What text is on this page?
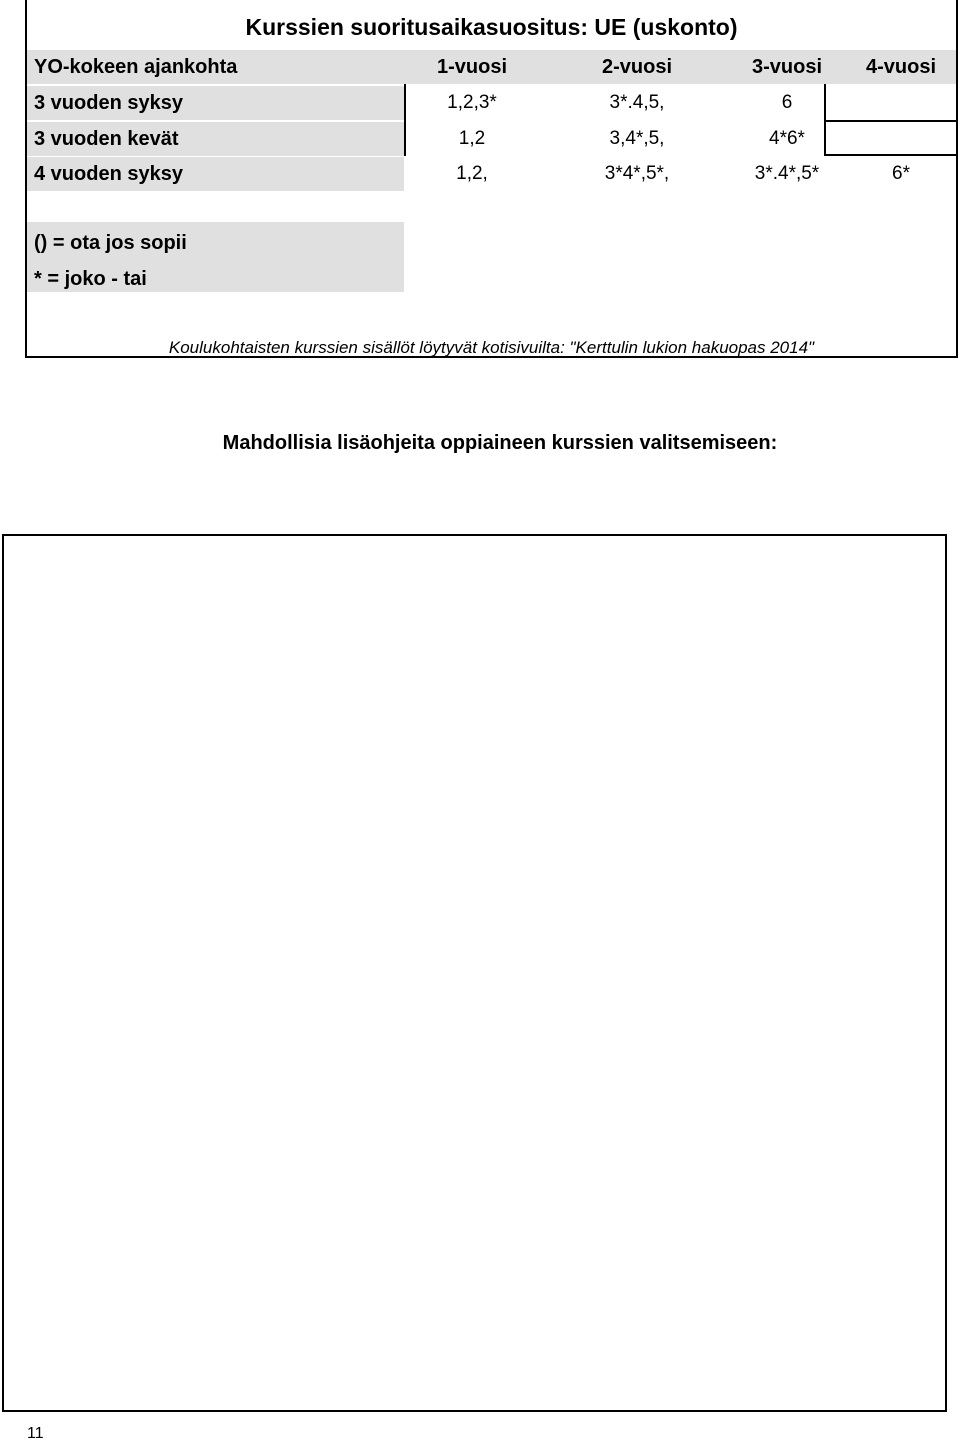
Kurssien suoritusaikasuositus: UE (uskonto)
YO-kokeen ajankohta	1-vuosi	2-vuosi	3-vuosi	4-vuosi
3 vuoden syksy	1,2,3*	3*.4,5,	6
3 vuoden kevät	1,2	3,4*,5,	4*6*
4 vuoden syksy	1,2,	3*4*,5*,	3*.4*,5*	6*
() = ota jos sopii
* = joko - tai
Koulukohtaisten kurssien sisällöt löytyvät kotisivuilta: "Kerttulin lukion hakuopas 2014"
Mahdollisia lisäohjeita oppiaineen kurssien valitsemiseen:
11
